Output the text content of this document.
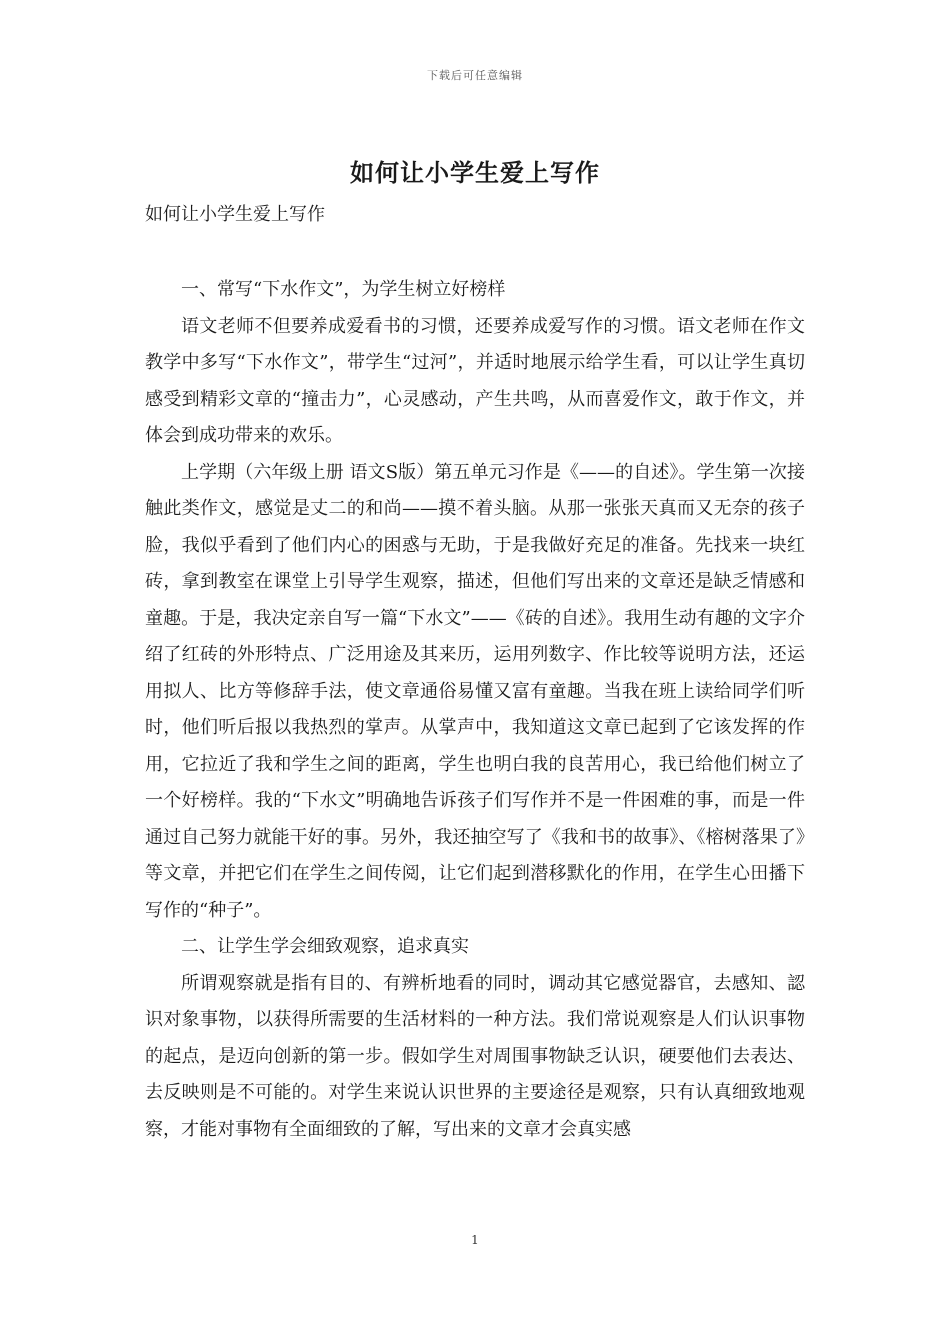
下载后可任意编辑
如何让小学生爱上写作
如何让小学生爱上写作

一、常写“下水作文”，为学生树立好榜样

语文老师不但要养成爱看书的习惯，还要养成爱写作的习惯。语文老师在作文教学中多写“下水作文”，带学生“过河”，并适时地展示给学生看，可以让学生真切感受到精彩文章的“撞击力”，心灵感动，产生共鸣，从而喜爱作文，敢于作文，并体会到成功带来的欢乐。

上学期（六年级上册 语文S版）第五单元习作是《——的自述》。学生第一次接触此类作文，感觉是丈二的和尚——摸不着头脑。从那一张张天真而又无奈的孩子脸，我似乎看到了他们内心的困惑与无助，于是我做好充足的准备。先找来一块红砖，拿到教室在课堂上引导学生观察，描述，但他们写出来的文章还是缺乏情感和童趣。于是，我决定亲自写一篇“下水文”——《砖的自述》。我用生动有趣的文字介绍了红砖的外形特点、广泛用途及其来历，运用列数字、作比较等说明方法，还运用拟人、比方等修辞手法，使文章通俗易懂又富有童趣。当我在班上读给同学们听时，他们听后报以我热烈的掌声。从掌声中，我知道这文章已起到了它该发挥的作用，它拉近了我和学生之间的距离，学生也明白我的良苦用心，我已给他们树立了一个好榜样。我的“下水文”明确地告诉孩子们写作并不是一件困难的事，而是一件通过自己努力就能干好的事。另外，我还抽空写了《我和书的故事》、《榕树落果了》等文章，并把它们在学生之间传阅，让它们起到潜移默化的作用，在学生心田播下写作的“种子”。

二、让学生学会细致观察，追求真实

所谓观察就是指有目的、有辨析地看的同时，调动其它感觉器官，去感知、認识对象事物，以获得所需要的生活材料的一种方法。我们常说观察是人们认识事物的起点，是迈向创新的第一步。假如学生对周围事物缺乏认识，硬要他们去表达、去反映则是不可能的。对学生来说认识世界的主要途径是观察，只有认真细致地观察，才能对事物有全面细致的了解，写出来的文章才会真实感

1
